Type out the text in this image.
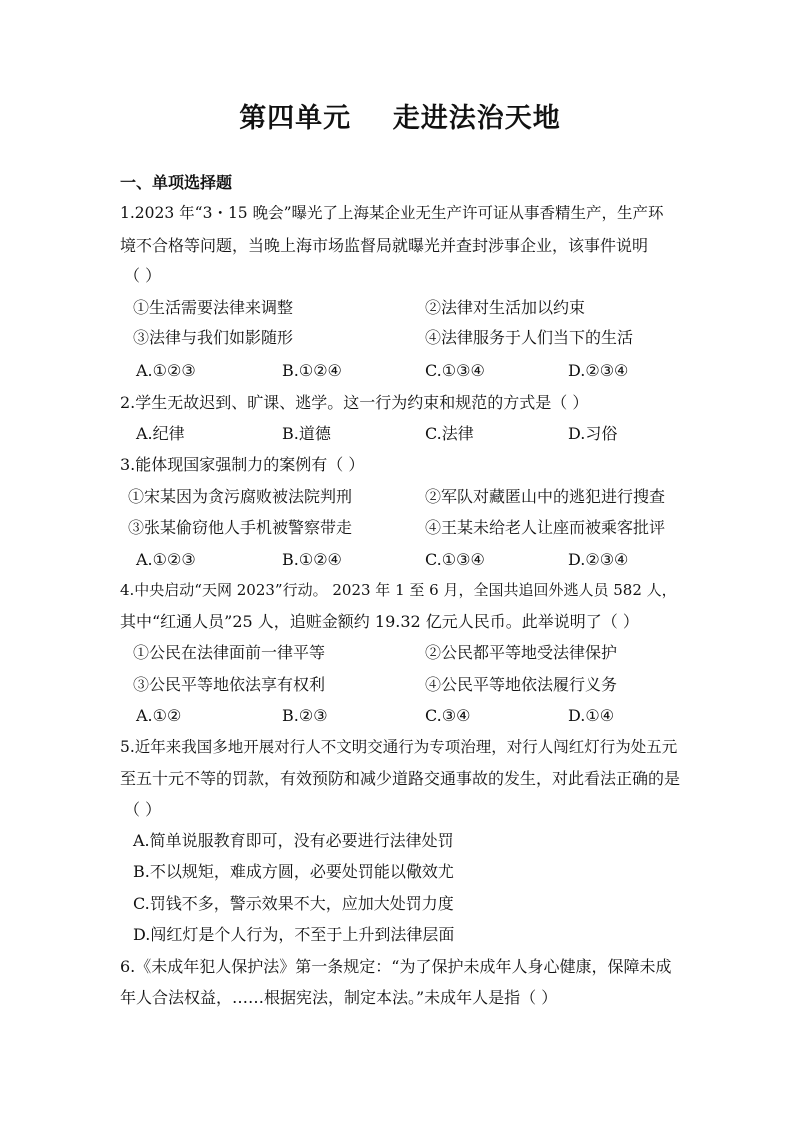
第四单元    走进法治天地
一、单项选择题
1.2023 年“3・15 晚会”曝光了上海某企业无生产许可证从事香精生产，生产环
境不合格等问题，当晚上海市场监督局就曝光并查封涉事企业，该事件说明
（ ）
①生活需要法律来调整	②法律对生活加以约束
③法律与我们如影随形	④法律服务于人们当下的生活
A.①②③	B.①②④	C.①③④	D.②③④
2.学生无故迟到、旷课、逃学。这一行为约束和规范的方式是（ ）
A.纪律	B.道德	C.法律	D.习俗
3.能体现国家强制力的案例有（ ）
①宋某因为贪污腐败被法院判刑	②军队对藏匿山中的逃犯进行搜查
③张某偷窃他人手机被警察带走	④王某未给老人让座而被乘客批评
A.①②③	B.①②④	C.①③④	D.②③④
4.中央启动“天网 2023”行动。 2023 年 1 至 6 月，全国共追回外逃人员 582 人，
其中“红通人员”25 人，追赃金额约 19.32 亿元人民币。此举说明了（ ）
①公民在法律面前一律平等	②公民都平等地受法律保护
③公民平等地依法享有权利	④公民平等地依法履行义务
A.①②	B.②③	C.③④	D.①④
5.近年来我国多地开展对行人不文明交通行为专项治理，对行人闯红灯行为处五元
至五十元不等的罚款，有效预防和减少道路交通事故的发生，对此看法正确的是
（ ）
A.简单说服教育即可，没有必要进行法律处罚
B.不以规矩，难成方圆，必要处罚能以儆效尤
C.罚钱不多，警示效果不大，应加大处罚力度
D.闯红灯是个人行为，不至于上升到法律层面
6.《未成年犯人保护法》第一条规定：“为了保护未成年人身心健康，保障未成
年人合法权益，……根据宪法，制定本法。”未成年人是指（ ）
